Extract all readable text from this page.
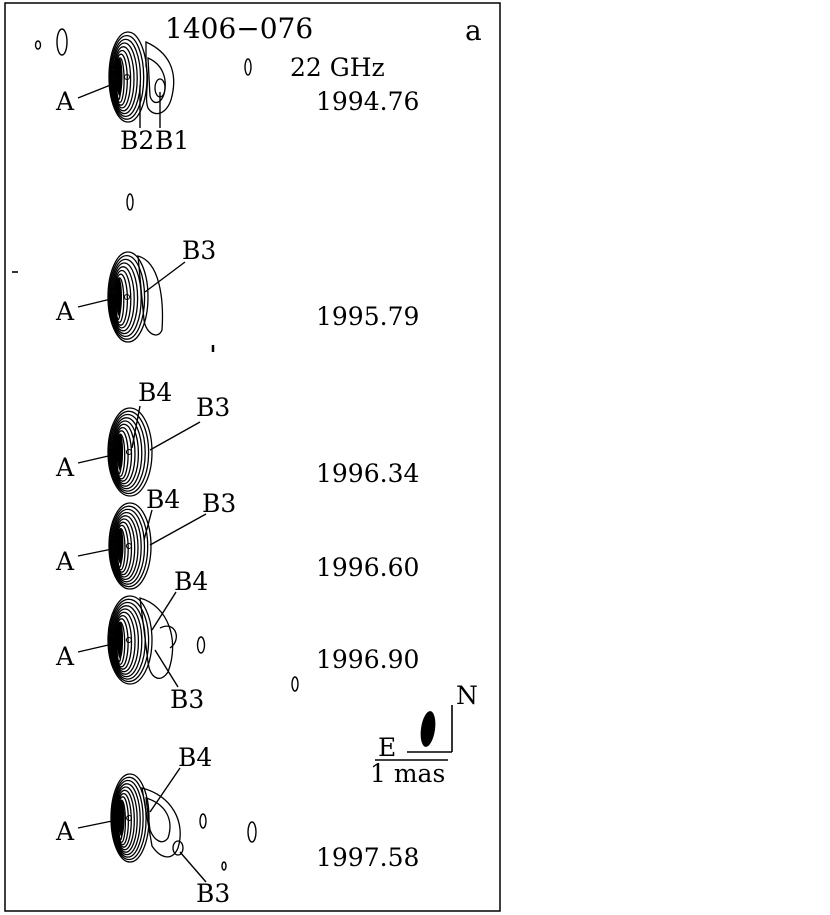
1406−076	a
22 GHz
A
B2 B1
1994.76
A
B3
1995.79
A
B4
B3
1996.34
A
B4 B3
1996.60
A
B4
B3
1996.90
N
E
1 mas
A
B4
B3
1997.58
